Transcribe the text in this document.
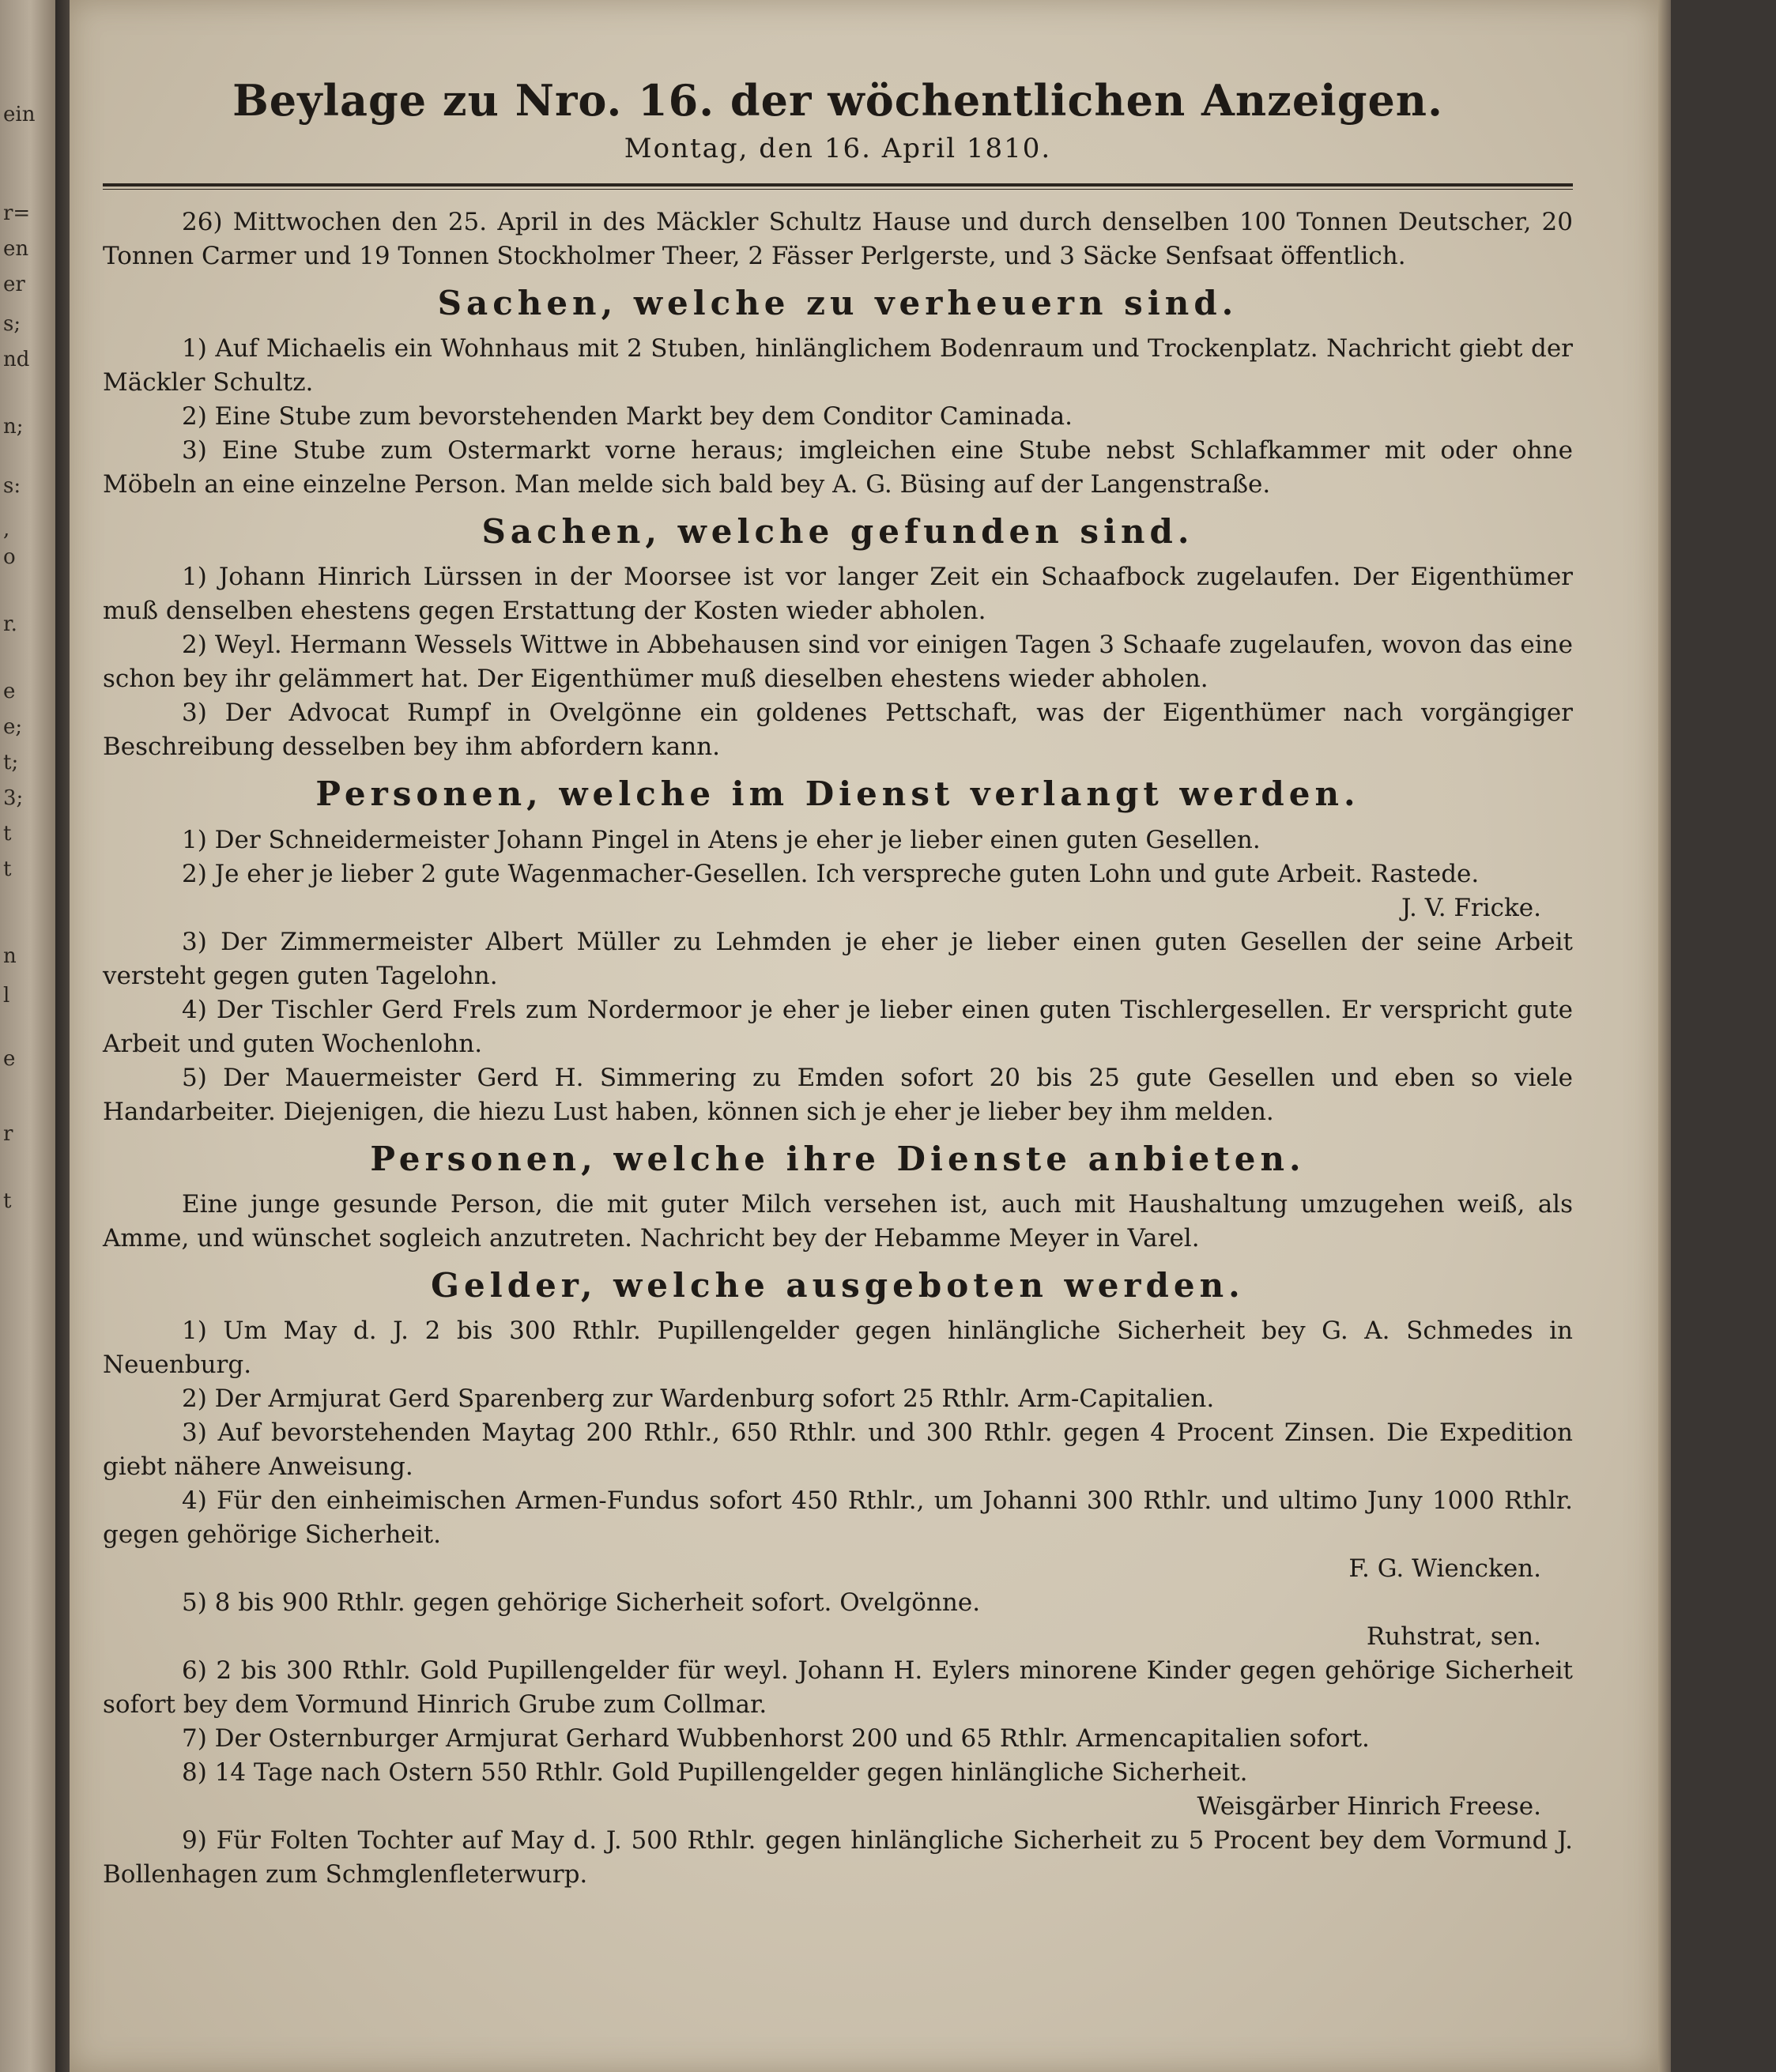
ein
r=
en
er
s;
nd
n;
s:
,
o
r.
e
e;
t;
3;
t
t
n
l
e
r
t
Beylage zu Nro. 16. der wöchentlichen Anzeigen.
Montag, den 16. April 1810.

26) Mittwochen den 25. April in des Mäckler Schultz Hause und durch denselben 100 Tonnen Deutscher, 20 Tonnen Carmer und 19 Tonnen Stockholmer Theer, 2 Fässer Perlgerste, und 3 Säcke Senfsaat öffentlich.

Sachen, welche zu verheuern sind.

1) Auf Michaelis ein Wohnhaus mit 2 Stuben, hinlänglichem Bodenraum und Trockenplatz. Nachricht giebt der Mäckler Schultz.

2) Eine Stube zum bevorstehenden Markt bey dem Conditor Caminada.

3) Eine Stube zum Ostermarkt vorne heraus; imgleichen eine Stube nebst Schlafkammer mit oder ohne Möbeln an eine einzelne Person. Man melde sich bald bey A. G. Büsing auf der Langenstraße.

Sachen, welche gefunden sind.

1) Johann Hinrich Lürssen in der Moorsee ist vor langer Zeit ein Schaafbock zugelaufen. Der Eigenthümer muß denselben ehestens gegen Erstattung der Kosten wieder abholen.

2) Weyl. Hermann Wessels Wittwe in Abbehausen sind vor einigen Tagen 3 Schaafe zugelaufen, wovon das eine schon bey ihr gelämmert hat. Der Eigenthümer muß dieselben ehestens wieder abholen.

3) Der Advocat Rumpf in Ovelgönne ein goldenes Pettschaft, was der Eigenthümer nach vorgängiger Beschreibung desselben bey ihm abfordern kann.

Personen, welche im Dienst verlangt werden.

1) Der Schneidermeister Johann Pingel in Atens je eher je lieber einen guten Gesellen.

2) Je eher je lieber 2 gute Wagenmacher-Gesellen. Ich verspreche guten Lohn und gute Arbeit. Rastede.

J. V. Fricke.

3) Der Zimmermeister Albert Müller zu Lehmden je eher je lieber einen guten Gesellen der seine Arbeit versteht gegen guten Tagelohn.

4) Der Tischler Gerd Frels zum Nordermoor je eher je lieber einen guten Tischlergesellen. Er verspricht gute Arbeit und guten Wochenlohn.

5) Der Mauermeister Gerd H. Simmering zu Emden sofort 20 bis 25 gute Gesellen und eben so viele Handarbeiter. Diejenigen, die hiezu Lust haben, können sich je eher je lieber bey ihm melden.

Personen, welche ihre Dienste anbieten.

Eine junge gesunde Person, die mit guter Milch versehen ist, auch mit Haushaltung umzugehen weiß, als Amme, und wünschet sogleich anzutreten. Nachricht bey der Hebamme Meyer in Varel.

Gelder, welche ausgeboten werden.

1) Um May d. J. 2 bis 300 Rthlr. Pupillengelder gegen hinlängliche Sicherheit bey G. A. Schmedes in Neuenburg.

2) Der Armjurat Gerd Sparenberg zur Wardenburg sofort 25 Rthlr. Arm-Capitalien.

3) Auf bevorstehenden Maytag 200 Rthlr., 650 Rthlr. und 300 Rthlr. gegen 4 Procent Zinsen. Die Expedition giebt nähere Anweisung.

4) Für den einheimischen Armen-Fundus sofort 450 Rthlr., um Johanni 300 Rthlr. und ultimo Juny 1000 Rthlr. gegen gehörige Sicherheit.

F. G. Wiencken.

5) 8 bis 900 Rthlr. gegen gehörige Sicherheit sofort. Ovelgönne.

Ruhstrat, sen.

6) 2 bis 300 Rthlr. Gold Pupillengelder für weyl. Johann H. Eylers minorene Kinder gegen gehörige Sicherheit sofort bey dem Vormund Hinrich Grube zum Collmar.

7) Der Osternburger Armjurat Gerhard Wubbenhorst 200 und 65 Rthlr. Armencapitalien sofort.

8) 14 Tage nach Ostern 550 Rthlr. Gold Pupillengelder gegen hinlängliche Sicherheit.

Weisgärber Hinrich Freese.

9) Für Folten Tochter auf May d. J. 500 Rthlr. gegen hinlängliche Sicherheit zu 5 Procent bey dem Vormund J. Bollenhagen zum Schmglenfleterwurp.
